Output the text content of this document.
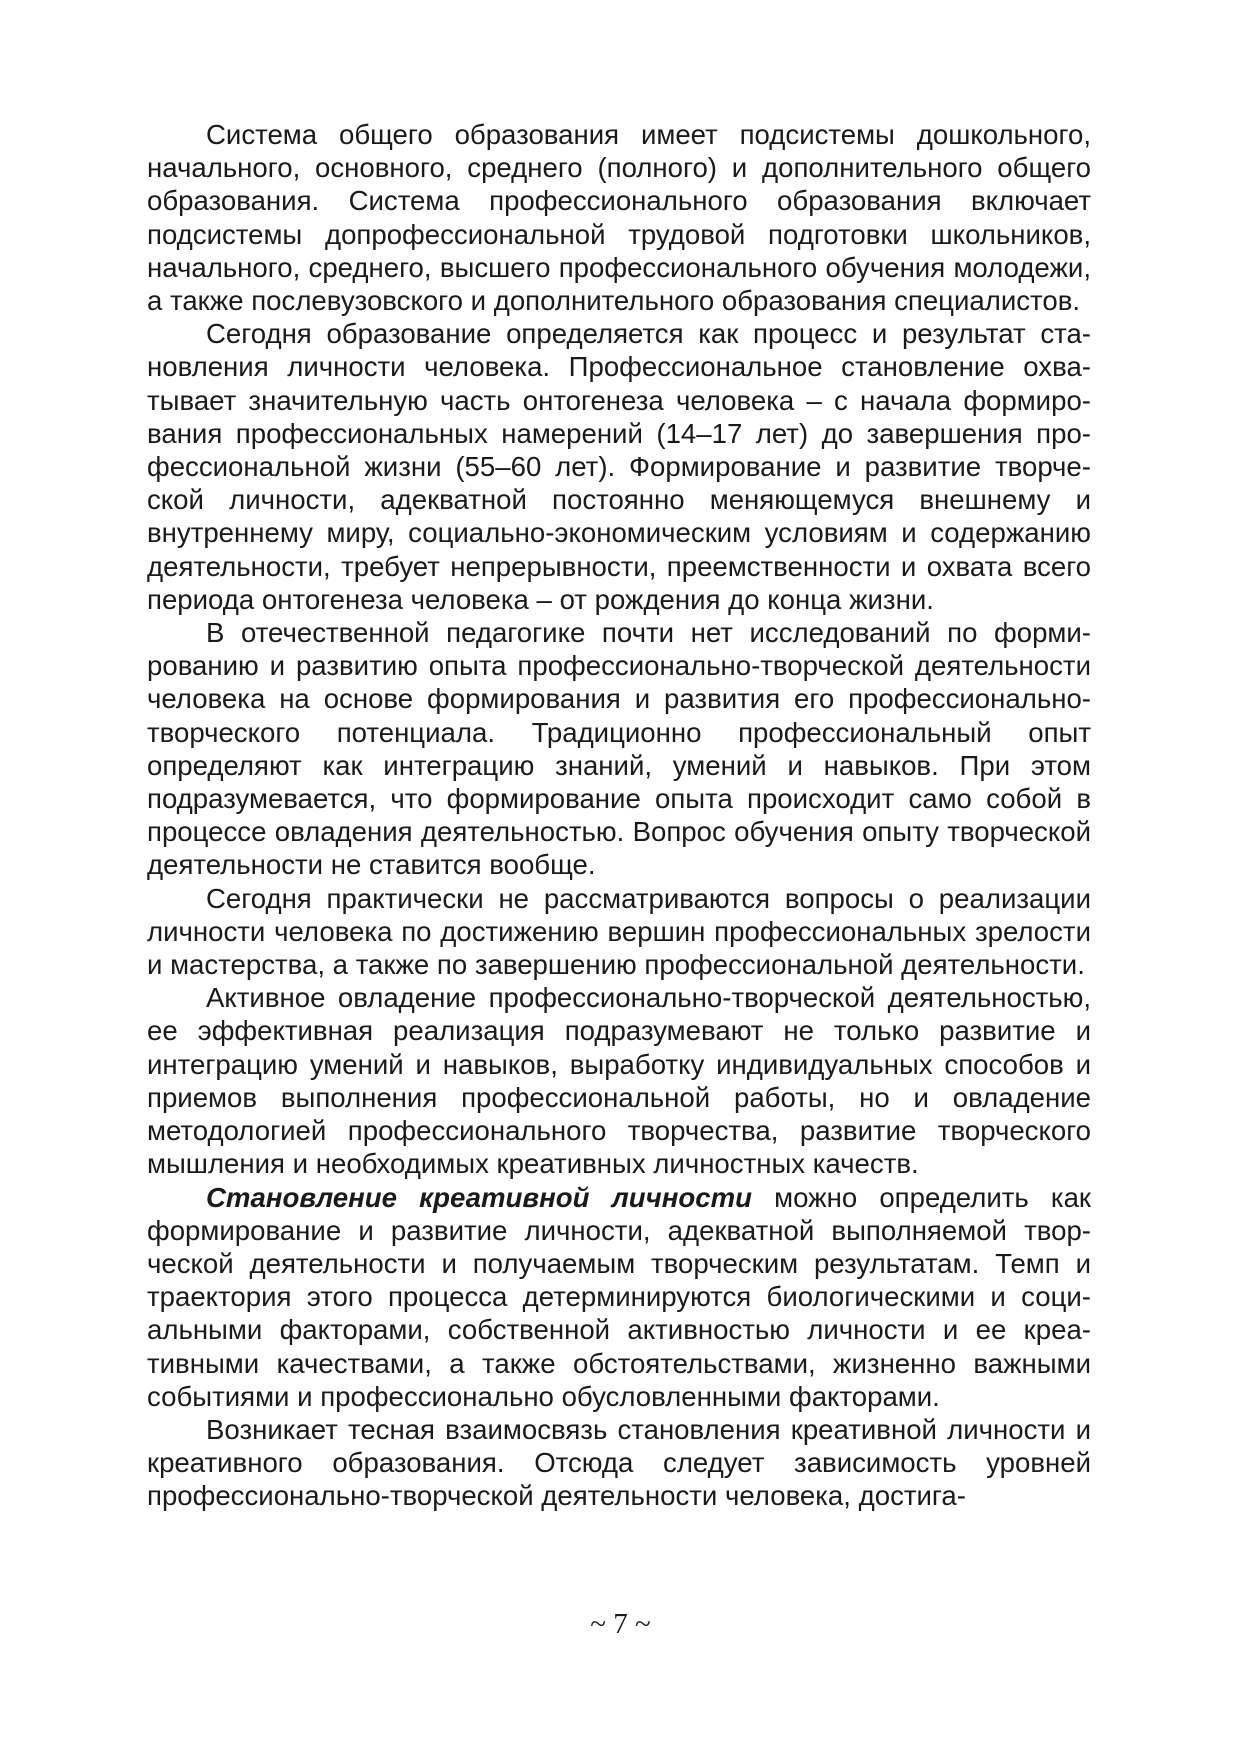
Система общего образования имеет подсистемы дошкольного, начального, основного, среднего (полного) и дополнительного общего образования. Система профессионального образования включает подсистемы допрофессиональной трудовой подготовки школьников, начального, среднего, высшего профессионального обучения молодежи, а также послевузовского и дополнительного образования специалистов.

Сегодня образование определяется как процесс и результат становления личности человека. Профессиональное становление охватывает значительную часть онтогенеза человека – с начала формирования профессиональных намерений (14–17 лет) до завершения профессиональной жизни (55–60 лет). Формирование и развитие творческой личности, адекватной постоянно меняющемуся внешнему и внутреннему миру, социально-экономическим условиям и содержанию деятельности, требует непрерывности, преемственности и охвата всего периода онтогенеза человека – от рождения до конца жизни.

В отечественной педагогике почти нет исследований по формированию и развитию опыта профессионально-творческой деятельности человека на основе формирования и развития его профессионально-творческого потенциала. Традиционно профессиональный опыт определяют как интеграцию знаний, умений и навыков. При этом подразумевается, что формирование опыта происходит само собой в процессе овладения деятельностью. Вопрос обучения опыту творческой деятельности не ставится вообще.

Сегодня практически не рассматриваются вопросы о реализации личности человека по достижению вершин профессиональных зрелости и мастерства, а также по завершению профессиональной деятельности.

Активное овладение профессионально-творческой деятельностью, ее эффективная реализация подразумевают не только развитие и интеграцию умений и навыков, выработку индивидуальных способов и приемов выполнения профессиональной работы, но и овладение методологией профессионального творчества, развитие творческого мышления и необходимых креативных личностных качеств.

Становление креативной личности можно определить как формирование и развитие личности, адекватной выполняемой творческой деятельности и получаемым творческим результатам. Темп и траектория этого процесса детерминируются биологическими и социальными факторами, собственной активностью личности и ее креативными качествами, а также обстоятельствами, жизненно важными событиями и профессионально обусловленными факторами.

Возникает тесная взаимосвязь становления креативной личности и креативного образования. Отсюда следует зависимость уровней профессионально-творческой деятельности человека, достига-

~ 7 ~
